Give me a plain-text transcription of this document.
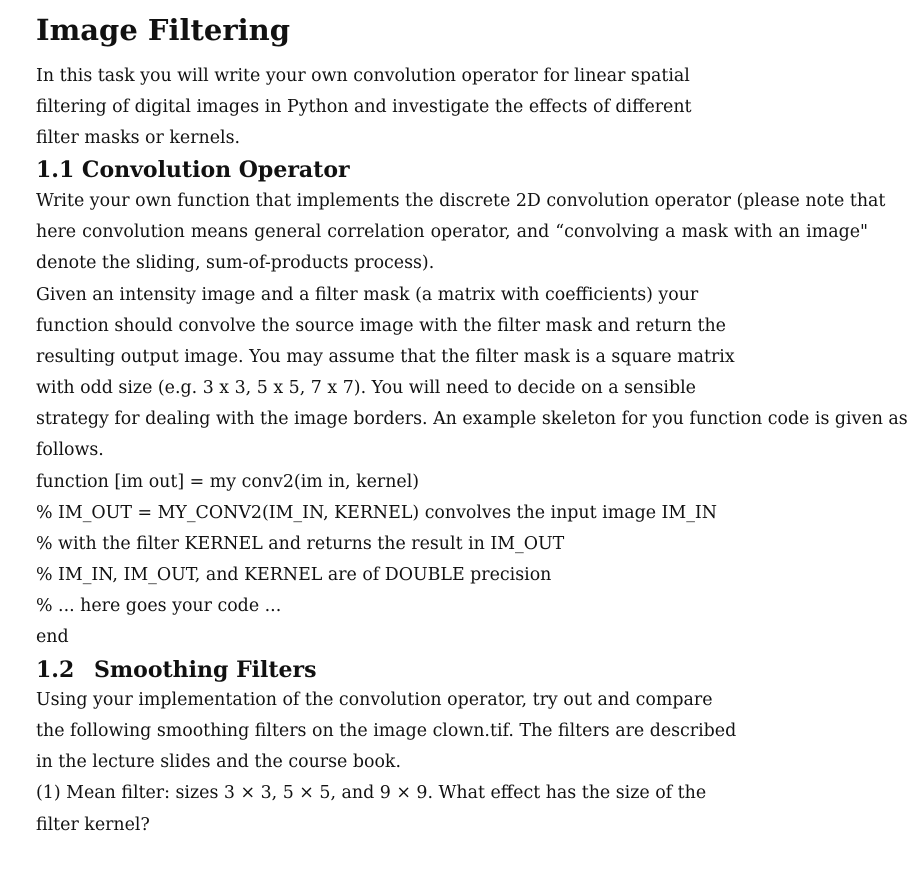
Image Filtering

In this task you will write your own convolution operator for linear spatial

filtering of digital images in Python and investigate the effects of different

filter masks or kernels.

1.1 Convolution Operator

Write your own function that implements the discrete 2D convolution operator (please note that

here convolution means general correlation operator, and “convolving a mask with an image"

denote the sliding, sum-of-products process).

Given an intensity image and a filter mask (a matrix with coefficients) your

function should convolve the source image with the filter mask and return the

resulting output image. You may assume that the filter mask is a square matrix

with odd size (e.g. 3 x 3, 5 x 5, 7 x 7). You will need to decide on a sensible

strategy for dealing with the image borders. An example skeleton for you function code is given as

follows.

function [im out] = my conv2(im in, kernel)

% IM_OUT = MY_CONV2(IM_IN, KERNEL) convolves the input image IM_IN

% with the filter KERNEL and returns the result in IM_OUT

% IM_IN, IM_OUT, and KERNEL are of DOUBLE precision

% ... here goes your code ...

end

1.2 Smoothing Filters

Using your implementation of the convolution operator, try out and compare

the following smoothing filters on the image clown.tif. The filters are described

in the lecture slides and the course book.

(1) Mean filter: sizes 3 × 3, 5 × 5, and 9 × 9. What effect has the size of the

filter kernel?
